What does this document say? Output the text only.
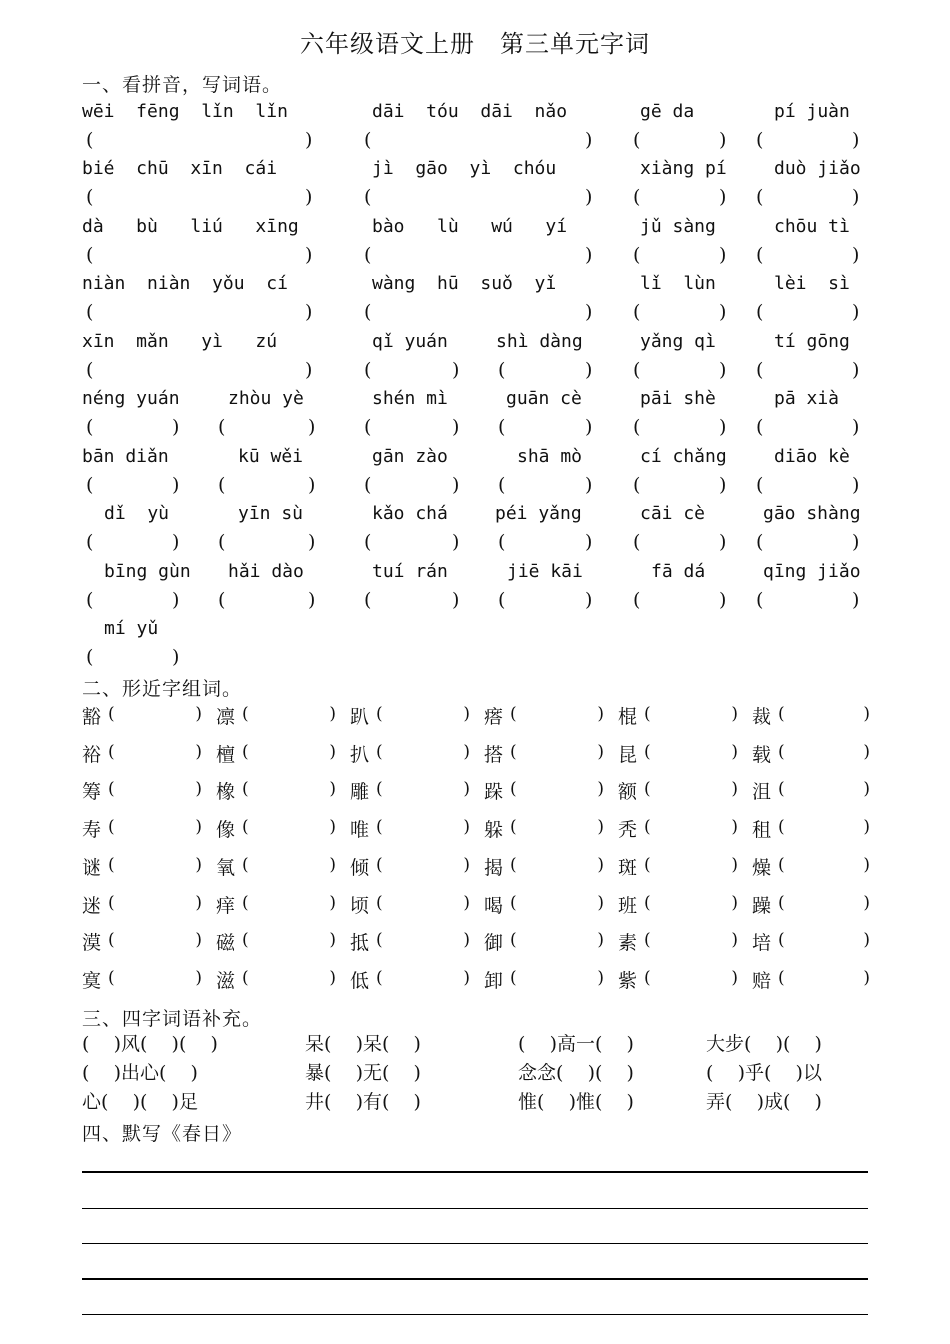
六年级语文上册　第三单元字词
一、看拼音，写词语。
wēi  fēng  lǐn  lǐn
(	)
dāi  tóu  dāi  nǎo
(	)
gē da
(	)
pí juàn
(	)
bié  chū  xīn  cái
(	)
jì  gāo  yì  chóu
(	)
xiàng pí
(	)
duò jiǎo
(	)
dà   bù   liú   xīng
(	)
bào   lù   wú   yí
(	)
jǔ sàng
(	)
chōu tì
(	)
niàn  niàn  yǒu  cí
(	)
wàng  hū  suǒ  yǐ
(	)
lǐ  lùn
(	)
lèi  sì
(	)
xīn  mǎn   yì   zú
(	)
qǐ yuán
(	)
shì dàng
(	)
yǎng qì
(	)
tí gōng
(	)
néng yuán
(	)
zhòu yè
(	)
shén mì
(	)
guān cè
(	)
pāi shè
(	)
pā xià
(	)
bān diǎn
(	)
kū wěi
(	)
gān zào
(	)
shā mò
(	)
cí chǎng
(	)
diāo kè
(	)
dǐ  yù
(	)
yīn sù
(	)
kǎo chá
(	)
péi yǎng
(	)
cāi cè
(	)
gāo shàng
(	)
bīng gùn
(	)
hǎi dào
(	)
tuí rán
(	)
jiē kāi
(	)
fā dá
(	)
qīng jiǎo
(	)
mí yǔ
(	)
二、形近字组词。
豁 (	) 凛 (	) 趴 (	) 瘩 (	) 棍 (	) 裁 (	)
裕 (	) 檀 (	) 扒 (	) 搭 (	) 昆 (	) 载 (	)
筹 (	) 橡 (	) 雕 (	) 跺 (	) 额 (	) 沮 (	)
寿 (	) 像 (	) 唯 (	) 躲 (	) 秃 (	) 租 (	)
谜 (	) 氧 (	) 倾 (	) 揭 (	) 斑 (	) 燥 (	)
迷 (	) 痒 (	) 顷 (	) 喝 (	) 班 (	) 躁 (	)
漠 (	) 磁 (	) 抵 (	) 御 (	) 素 (	) 培 (	)
寞 (	) 滋 (	) 低 (	) 卸 (	) 紫 (	) 赔 (	)
三、四字词语补充。
(    )风(    )(    )	呆(    )呆(    )	(    )高一(    )	大步(    )(    )
(    )出心(    )	暴(    )无(    )	念念(    )(    )	(    )乎(    )以
心(    )(    )足	井(    )有(    )	惟(    )惟(    )	弄(    )成(    )
四、默写《春日》
